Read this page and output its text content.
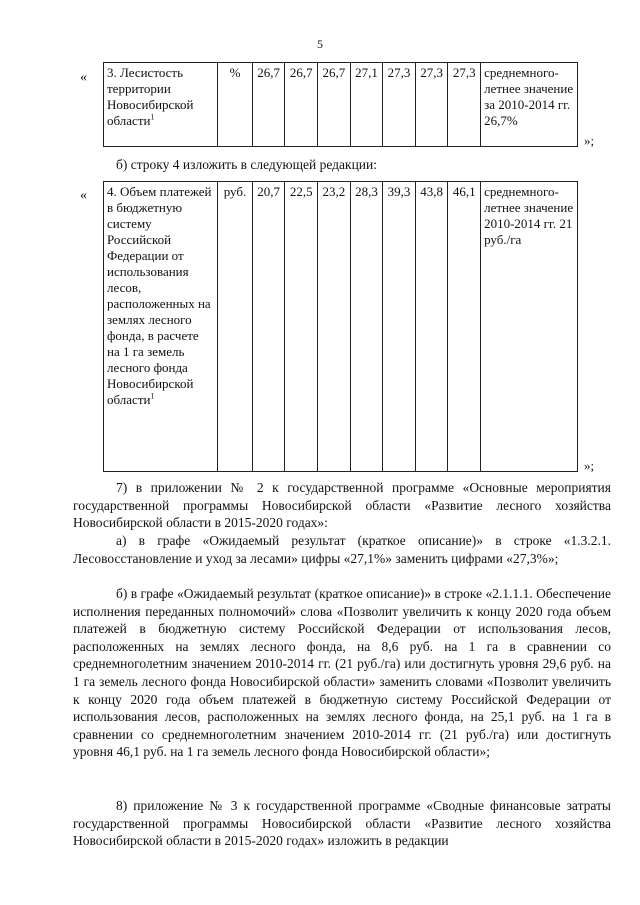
5
« 3. Лесистость территории Новосибирской области$^1$	%	26,7	26,7	26,7	27,1	27,3	27,3	27,3	среднемного-летнее значение за 2010-2014 гг. 26,7%
»;
б) строку 4 изложить в следующей редакции:
« 4. Объем платежей в бюджетную систему Российской Федерации от использования лесов, расположенных на землях лесного фонда, в расчете на 1 га земель лесного фонда Новосибирской области$^1$	руб.	20,7	22,5	23,2	28,3	39,3	43,8	46,1	среднемного-летнее значение 2010-2014 гг. 21 руб./га
»;
7) в приложении № 2 к государственной программе «Основные мероприятия государственной программы Новосибирской области «Развитие лесного хозяйства Новосибирской области в 2015-2020 годах»:
а) в графе «Ожидаемый результат (краткое описание)» в строке «1.3.2.1. Лесовосстановление и уход за лесами» цифры «27,1%» заменить цифрами «27,3%»;
б) в графе «Ожидаемый результат (краткое описание)» в строке «2.1.1.1. Обеспечение исполнения переданных полномочий» слова «Позволит увеличить к концу 2020 года объем платежей в бюджетную систему Российской Федерации от использования лесов, расположенных на землях лесного фонда, на 8,6 руб. на 1 га в сравнении со среднемноголетним значением 2010-2014 гг. (21 руб./га) или достигнуть уровня 29,6 руб. на 1 га земель лесного фонда Новосибирской области» заменить словами «Позволит увеличить к концу 2020 года объем платежей в бюджетную систему Российской Федерации от использования лесов, расположенных на землях лесного фонда, на 25,1 руб. на 1 га в сравнении со среднемноголетним значением 2010-2014 гг. (21 руб./га) или достигнуть уровня 46,1 руб. на 1 га земель лесного фонда Новосибирской области»;
8) приложение № 3 к государственной программе «Сводные финансовые затраты государственной программы Новосибирской области «Развитие лесного хозяйства Новосибирской области в 2015-2020 годах» изложить в редакции
